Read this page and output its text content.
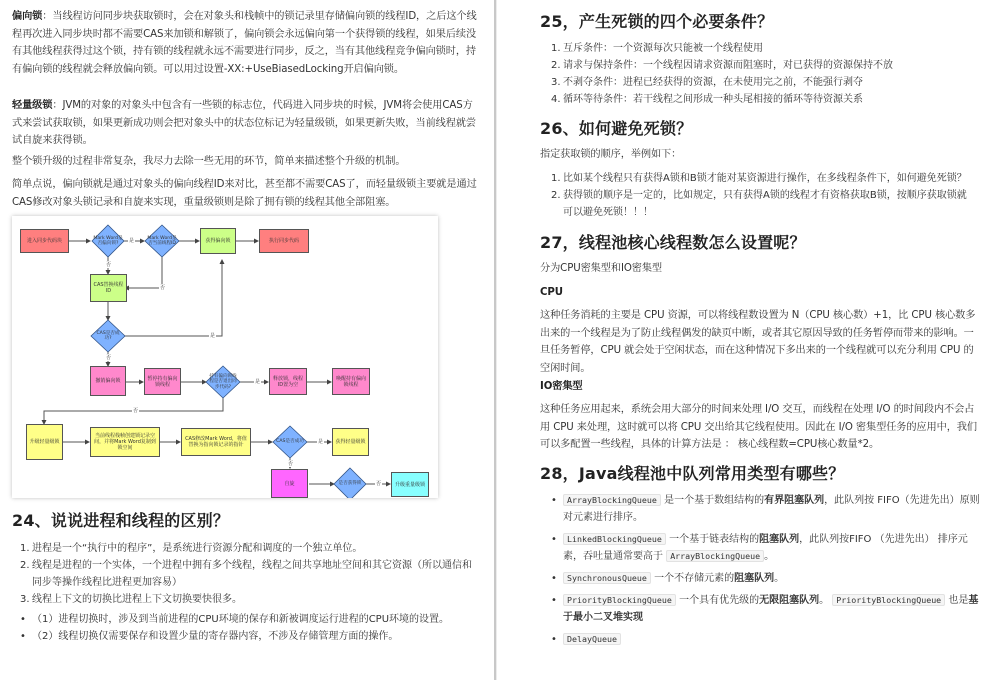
偏向锁：当线程访问同步块获取锁时，会在对象头和栈帧中的锁记录里存储偏向锁的线程ID，之后这个线程再次进入同步块时都不需要CAS来加锁和解锁了，偏向锁会永远偏向第一个获得锁的线程，如果后续没有其他线程获得过这个锁，持有锁的线程就永远不需要进行同步，反之，当有其他线程竞争偏向锁时，持有偏向锁的线程就会释放偏向锁。可以用过设置-XX:+UseBiasedLocking开启偏向锁。

轻量级锁：JVM的对象的对象头中包含有一些锁的标志位，代码进入同步块的时候，JVM将会使用CAS方式来尝试获取锁，如果更新成功则会把对象头中的状态位标记为轻量级锁，如果更新失败，当前线程就尝试自旋来获得锁。

整个锁升级的过程非常复杂，我尽力去除一些无用的环节，简单来描述整个升级的机制。

简单点说，偏向锁就是通过对象头的偏向线程ID来对比，甚至都不需要CAS了，而轻量级锁主要就是通过CAS修改对象头锁记录和自旋来实现，重量级锁则是除了拥有锁的线程其他全部阻塞。

进入同步代码块	Mark Word是否偏向锁?
Mark Word是否当前线程ID	获得偏向锁	执行同步代码
CAS替换线程ID
CAS是否成功?
撤销偏向锁	暂停持有偏向锁线程
持有偏向锁线程是否退出同步代码?
释放锁，线程ID置为空
唤醒持有偏向锁线程
升级轻量级锁
当前线程栈帧创建锁记录空间，并将Mark Word复制到锁空间
CAS修改Mark Word，将值替换为指向锁记录的指针
CAS是否成功	获得轻量级锁
自旋	是否获得锁	升级重量级锁
是
否
否
是
否
是
否
是
否
否
24、说说进程和线程的区别？
1. 进程是一个“执行中的程序”，是系统进行资源分配和调度的一个独立单位。
2. 线程是进程的一个实体，一个进程中拥有多个线程，线程之间共享地址空间和其它资源（所以通信和同步等操作线程比进程更加容易）
3. 线程上下文的切换比进程上下文切换要快很多。
• （1）进程切换时，涉及到当前进程的CPU环境的保存和新被调度运行进程的CPU环境的设置。
• （2）线程切换仅需要保存和设置少量的寄存器内容，不涉及存储管理方面的操作。
25，产生死锁的四个必要条件？
1. 互斥条件：一个资源每次只能被一个线程使用
2. 请求与保持条件：一个线程因请求资源而阻塞时，对已获得的资源保持不放
3. 不剥夺条件：进程已经获得的资源，在未使用完之前，不能强行剥夺
4. 循环等待条件：若干线程之间形成一种头尾相接的循环等待资源关系
26、如何避免死锁？

指定获取锁的顺序，举例如下：

1. 比如某个线程只有获得A锁和B锁才能对某资源进行操作，在多线程条件下，如何避免死锁？
2. 获得锁的顺序是一定的，比如规定，只有获得A锁的线程才有资格获取B锁，按顺序获取锁就可以避免死锁！！！
27，线程池核心线程数怎么设置呢？

分为CPU密集型和IO密集型

CPU

这种任务消耗的主要是 CPU 资源，可以将线程数设置为 N（CPU 核心数）+1，比 CPU 核心数多出来的一个线程是为了防止线程偶发的缺页中断，或者其它原因导致的任务暂停而带来的影响。一旦任务暂停，CPU 就会处于空闲状态，而在这种情况下多出来的一个线程就可以充分利用 CPU 的空闲时间。

IO密集型

这种任务应用起来，系统会用大部分的时间来处理 I/O 交互，而线程在处理 I/O 的时间段内不会占用 CPU 来处理，这时就可以将 CPU 交出给其它线程使用。因此在 I/O 密集型任务的应用中，我们可以多配置一些线程，具体的计算方法是 ： 核心线程数=CPU核心数量*2。

28，Java线程池中队列常用类型有哪些？
• ArrayBlockingQueue 是一个基于数组结构的有界阻塞队列，此队列按 FIFO（先进先出）原则对元素进行排序。
• LinkedBlockingQueue 一个基于链表结构的阻塞队列，此队列按FIFO （先进先出） 排序元素，吞吐量通常要高于 ArrayBlockingQueue 。
• SynchronousQueue 一个不存储元素的阻塞队列。
• PriorityBlockingQueue 一个具有优先级的无限阻塞队列。 PriorityBlockingQueue 也是基于最小二叉堆实现
• DelayQueue
